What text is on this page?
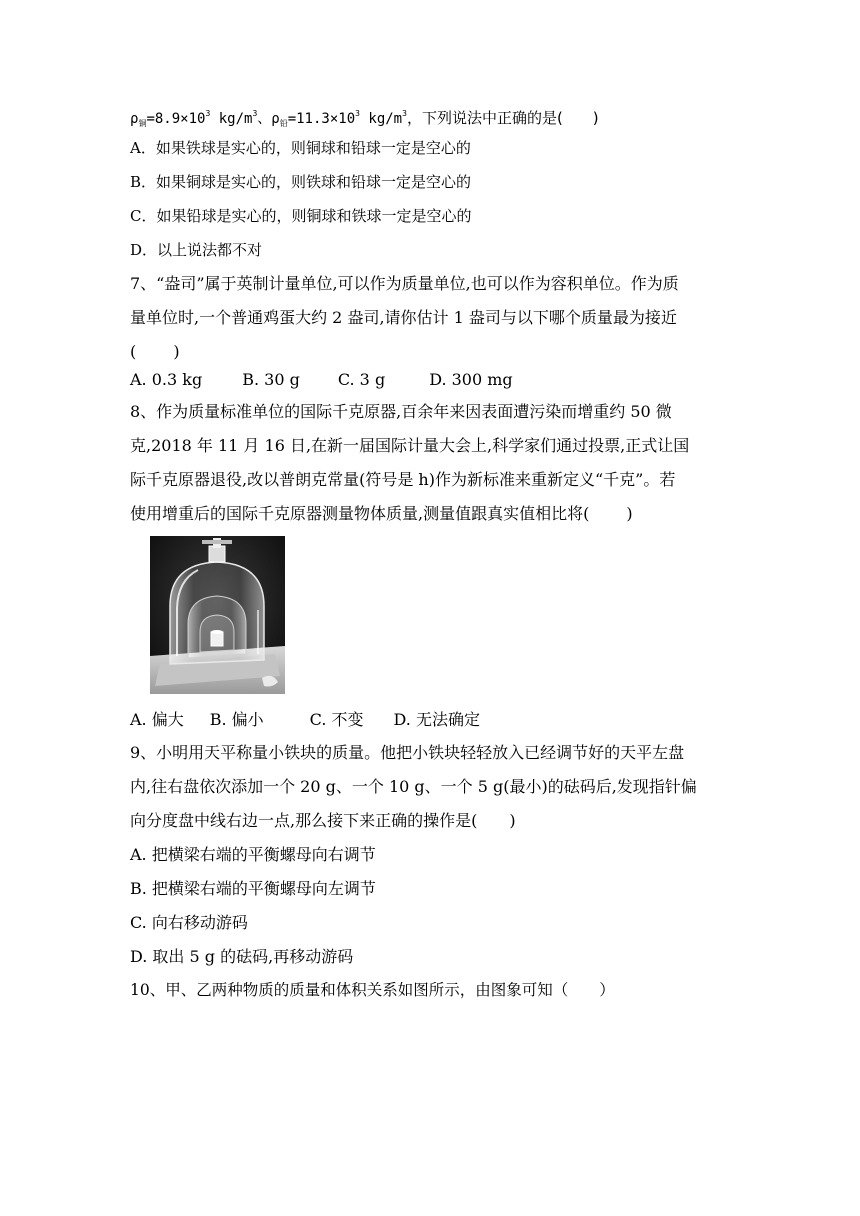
$\rho_铜=8.9\times 10^3$ $kg/m^3$、$\rho_铅=11.3\times 10^3$ $kg/m^3$，下列说法中正确的是(　　)
A．如果铁球是实心的，则铜球和铅球一定是空心的
B．如果铜球是实心的，则铁球和铅球一定是空心的
C．如果铅球是实心的，则铜球和铁球一定是空心的
D．以上说法都不对
7、“盎司”属于英制计量单位,可以作为质量单位,也可以作为容积单位。作为质
量单位时,一个普通鸡蛋大约 2 盎司,请你估计 1 盎司与以下哪个质量最为接近
(　　 )
A. 0.3 kg	B. 30 g C. 3 g	D. 300 mg
8、作为质量标准单位的国际千克原器,百余年来因表面遭污染而增重约 50 微
克,2018 年 11 月 16 日,在新一届国际计量大会上,科学家们通过投票,正式让国
际千克原器退役,改以普朗克常量(符号是 h)作为新标准来重新定义“千克”。若
使用增重后的国际千克原器测量物体质量,测量值跟真实值相比将(　　 )
A. 偏大 B. 偏小	C. 不变 D. 无法确定
9、小明用天平称量小铁块的质量。他把小铁块轻轻放入已经调节好的天平左盘
内,往右盘依次添加一个 20 g、一个 10 g、一个 5 g(最小)的砝码后,发现指针偏
向分度盘中线右边一点,那么接下来正确的操作是(　　)
A. 把横梁右端的平衡螺母向右调节
B. 把横梁右端的平衡螺母向左调节
C. 向右移动游码
D. 取出 5 g 的砝码,再移动游码
10、甲、乙两种物质的质量和体积关系如图所示，由图象可知（　　）
